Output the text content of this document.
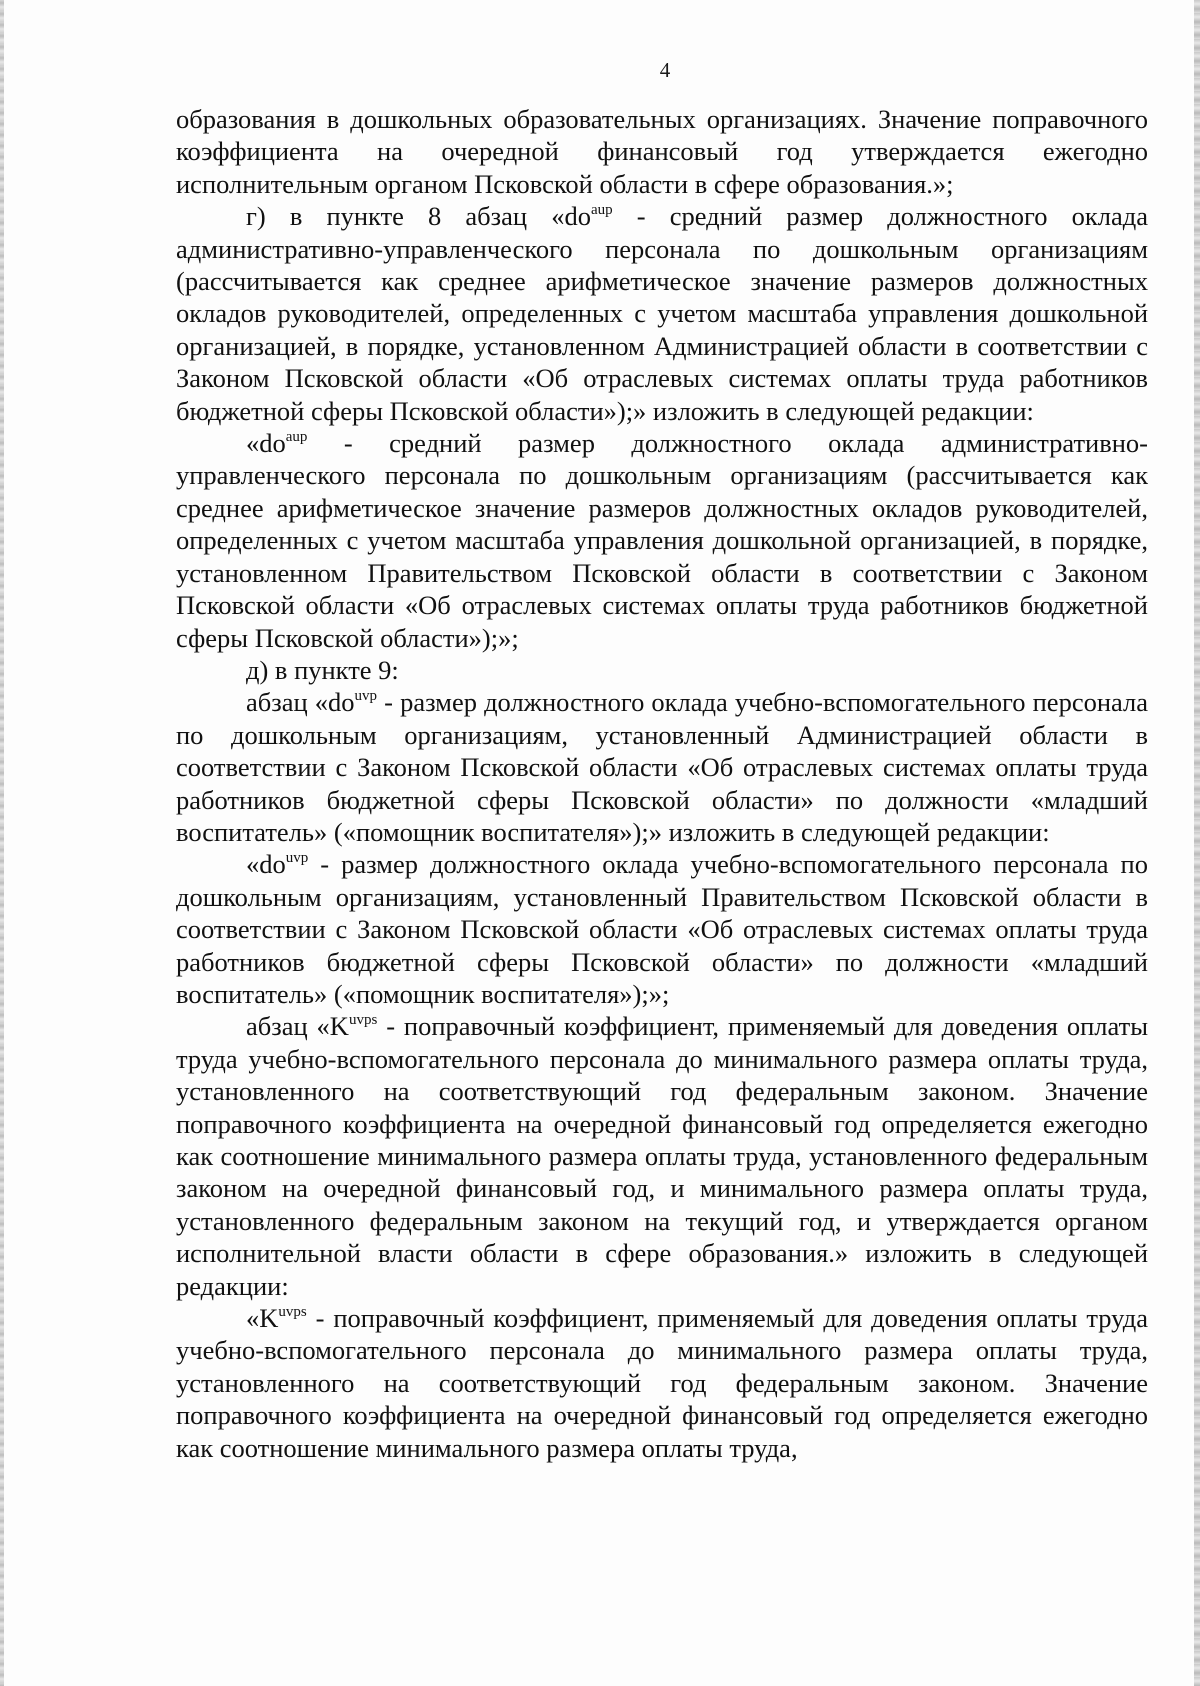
4

образования в дошкольных образовательных организациях. Значение поправочного коэффициента на очередной финансовый год утверждается ежегодно исполнительным органом Псковской области в сфере образования.»;

г) в пункте 8 абзац «$do^{aup}$ - средний размер должностного оклада административно-управленческого персонала по дошкольным организациям (рассчитывается как среднее арифметическое значение размеров должностных окладов руководителей, определенных с учетом масштаба управления дошкольной организацией, в порядке, установленном Администрацией области в соответствии с Законом Псковской области «Об отраслевых системах оплаты труда работников бюджетной сферы Псковской области»);» изложить в следующей редакции:

«$do^{aup}$ - средний размер должностного оклада административно-управленческого персонала по дошкольным организациям (рассчитывается как среднее арифметическое значение размеров должностных окладов руководителей, определенных с учетом масштаба управления дошкольной организацией, в порядке, установленном Правительством Псковской области в соответствии с Законом Псковской области «Об отраслевых системах оплаты труда работников бюджетной сферы Псковской области»);»;

д) в пункте 9:

абзац «$do^{uvp}$ - размер должностного оклада учебно-вспомогательного персонала по дошкольным организациям, установленный Администрацией области в соответствии с Законом Псковской области «Об отраслевых системах оплаты труда работников бюджетной сферы Псковской области» по должности «младший воспитатель» («помощник воспитателя»);» изложить в следующей редакции:

«$do^{uvp}$ - размер должностного оклада учебно-вспомогательного персонала по дошкольным организациям, установленный Правительством Псковской области в соответствии с Законом Псковской области «Об отраслевых системах оплаты труда работников бюджетной сферы Псковской области» по должности «младший воспитатель» («помощник воспитателя»);»;

абзац «$K^{uvps}$ - поправочный коэффициент, применяемый для доведения оплаты труда учебно-вспомогательного персонала до минимального размера оплаты труда, установленного на соответствующий год федеральным законом. Значение поправочного коэффициента на очередной финансовый год определяется ежегодно как соотношение минимального размера оплаты труда, установленного федеральным законом на очередной финансовый год, и минимального размера оплаты труда, установленного федеральным законом на текущий год, и утверждается органом исполнительной власти области в сфере образования.» изложить в следующей редакции:

«$K^{uvps}$ - поправочный коэффициент, применяемый для доведения оплаты труда учебно-вспомогательного персонала до минимального размера оплаты труда, установленного на соответствующий год федеральным законом. Значение поправочного коэффициента на очередной финансовый год определяется ежегодно как соотношение минимального размера оплаты труда,
